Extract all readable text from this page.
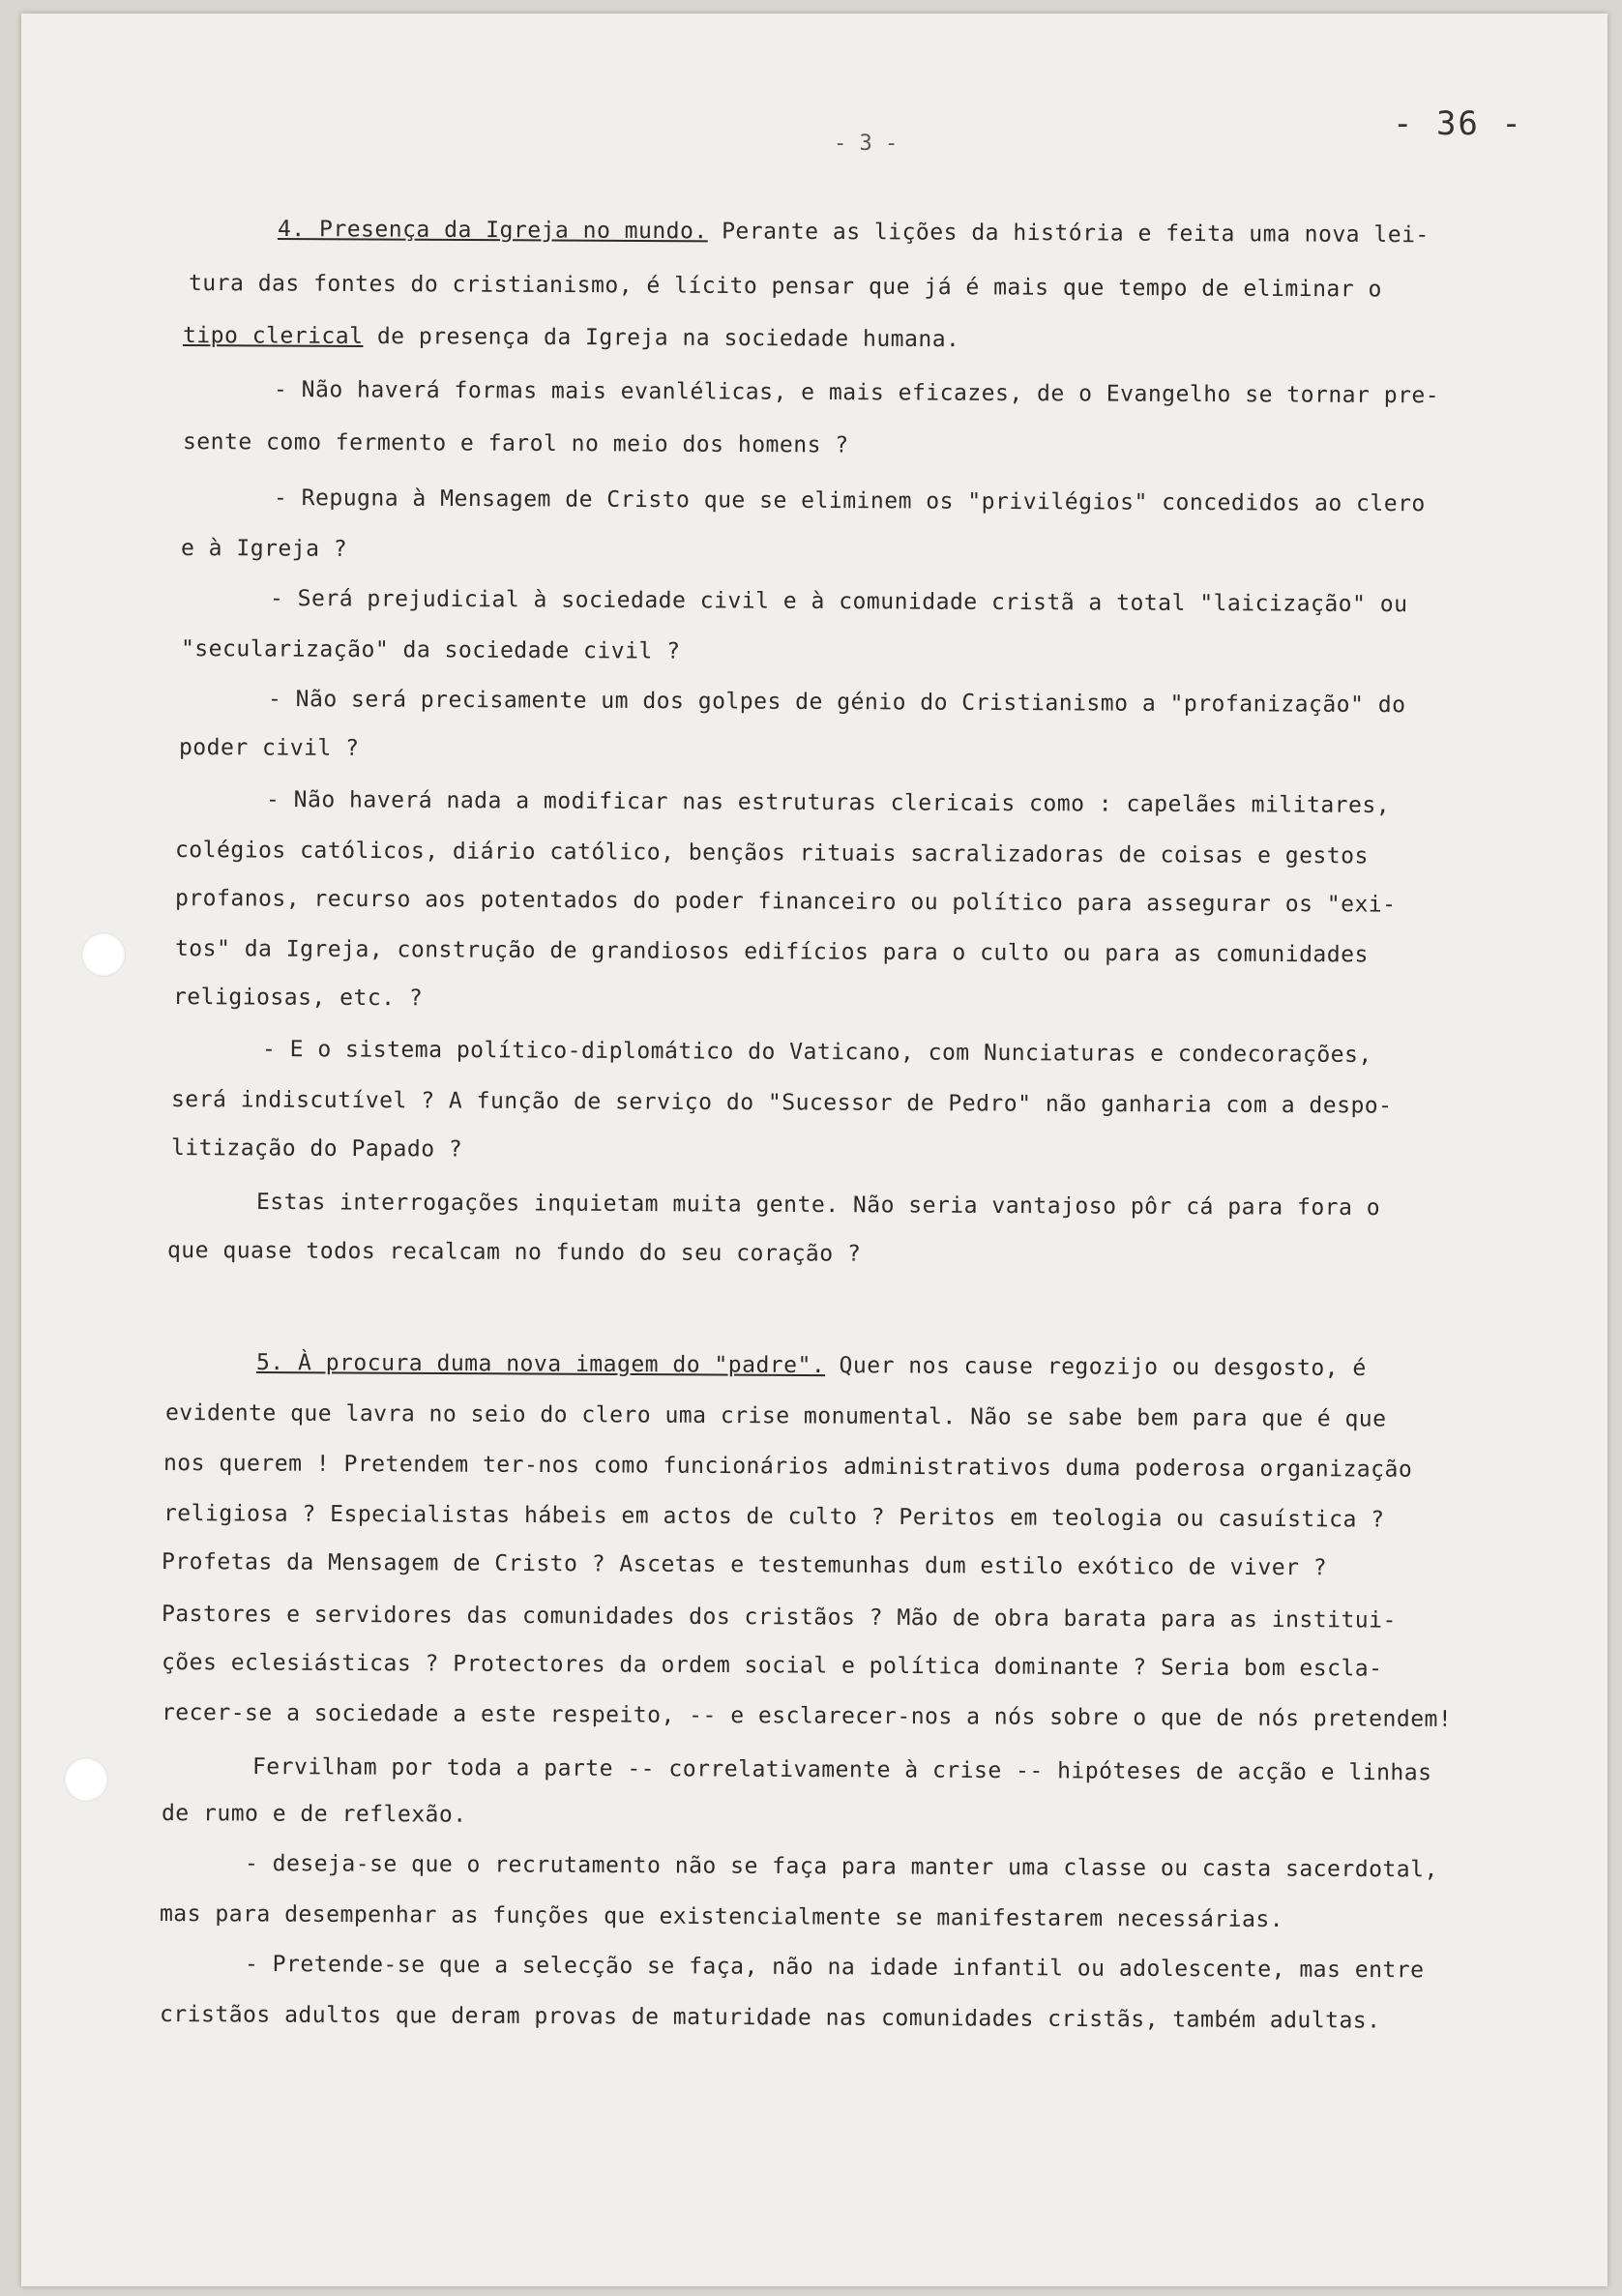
- 3 -
- 36 -
4. Presença da Igreja no mundo. Perante as lições da história e feita uma nova lei-
tura das fontes do cristianismo, é lícito pensar que já é mais que tempo de eliminar o
tipo clerical de presença da Igreja na sociedade humana.
- Não haverá formas mais evanlélicas, e mais eficazes, de o Evangelho se tornar pre-
sente como fermento e farol no meio dos homens ?
- Repugna à Mensagem de Cristo que se eliminem os "privilégios" concedidos ao clero
e à Igreja ?
- Será prejudicial à sociedade civil e à comunidade cristã a total "laicização" ou
"secularização" da sociedade civil ?
- Não será precisamente um dos golpes de génio do Cristianismo a "profanização" do
poder civil ?
- Não haverá nada a modificar nas estruturas clericais como : capelães militares,
colégios católicos, diário católico, bençãos rituais sacralizadoras de coisas e gestos
profanos, recurso aos potentados do poder financeiro ou político para assegurar os "exi-
tos" da Igreja, construção de grandiosos edifícios para o culto ou para as comunidades
religiosas, etc. ?
- E o sistema político-diplomático do Vaticano, com Nunciaturas e condecorações,
será indiscutível ? A função de serviço do "Sucessor de Pedro" não ganharia com a despo-
litização do Papado ?
Estas interrogações inquietam muita gente. Não seria vantajoso pôr cá para fora o
que quase todos recalcam no fundo do seu coração ?
5. À procura duma nova imagem do "padre". Quer nos cause regozijo ou desgosto, é
evidente que lavra no seio do clero uma crise monumental. Não se sabe bem para que é que
nos querem ! Pretendem ter-nos como funcionários administrativos duma poderosa organização
religiosa ? Especialistas hábeis em actos de culto ? Peritos em teologia ou casuística ?
Profetas da Mensagem de Cristo ? Ascetas e testemunhas dum estilo exótico de viver ?
Pastores e servidores das comunidades dos cristãos ? Mão de obra barata para as institui-
ções eclesiásticas ? Protectores da ordem social e política dominante ? Seria bom escla-
recer-se a sociedade a este respeito, -- e esclarecer-nos a nós sobre o que de nós pretendem!
Fervilham por toda a parte -- correlativamente à crise -- hipóteses de acção e linhas
de rumo e de reflexão.
- deseja-se que o recrutamento não se faça para manter uma classe ou casta sacerdotal,
mas para desempenhar as funções que existencialmente se manifestarem necessárias.
- Pretende-se que a selecção se faça, não na idade infantil ou adolescente, mas entre
cristãos adultos que deram provas de maturidade nas comunidades cristãs, também adultas.
